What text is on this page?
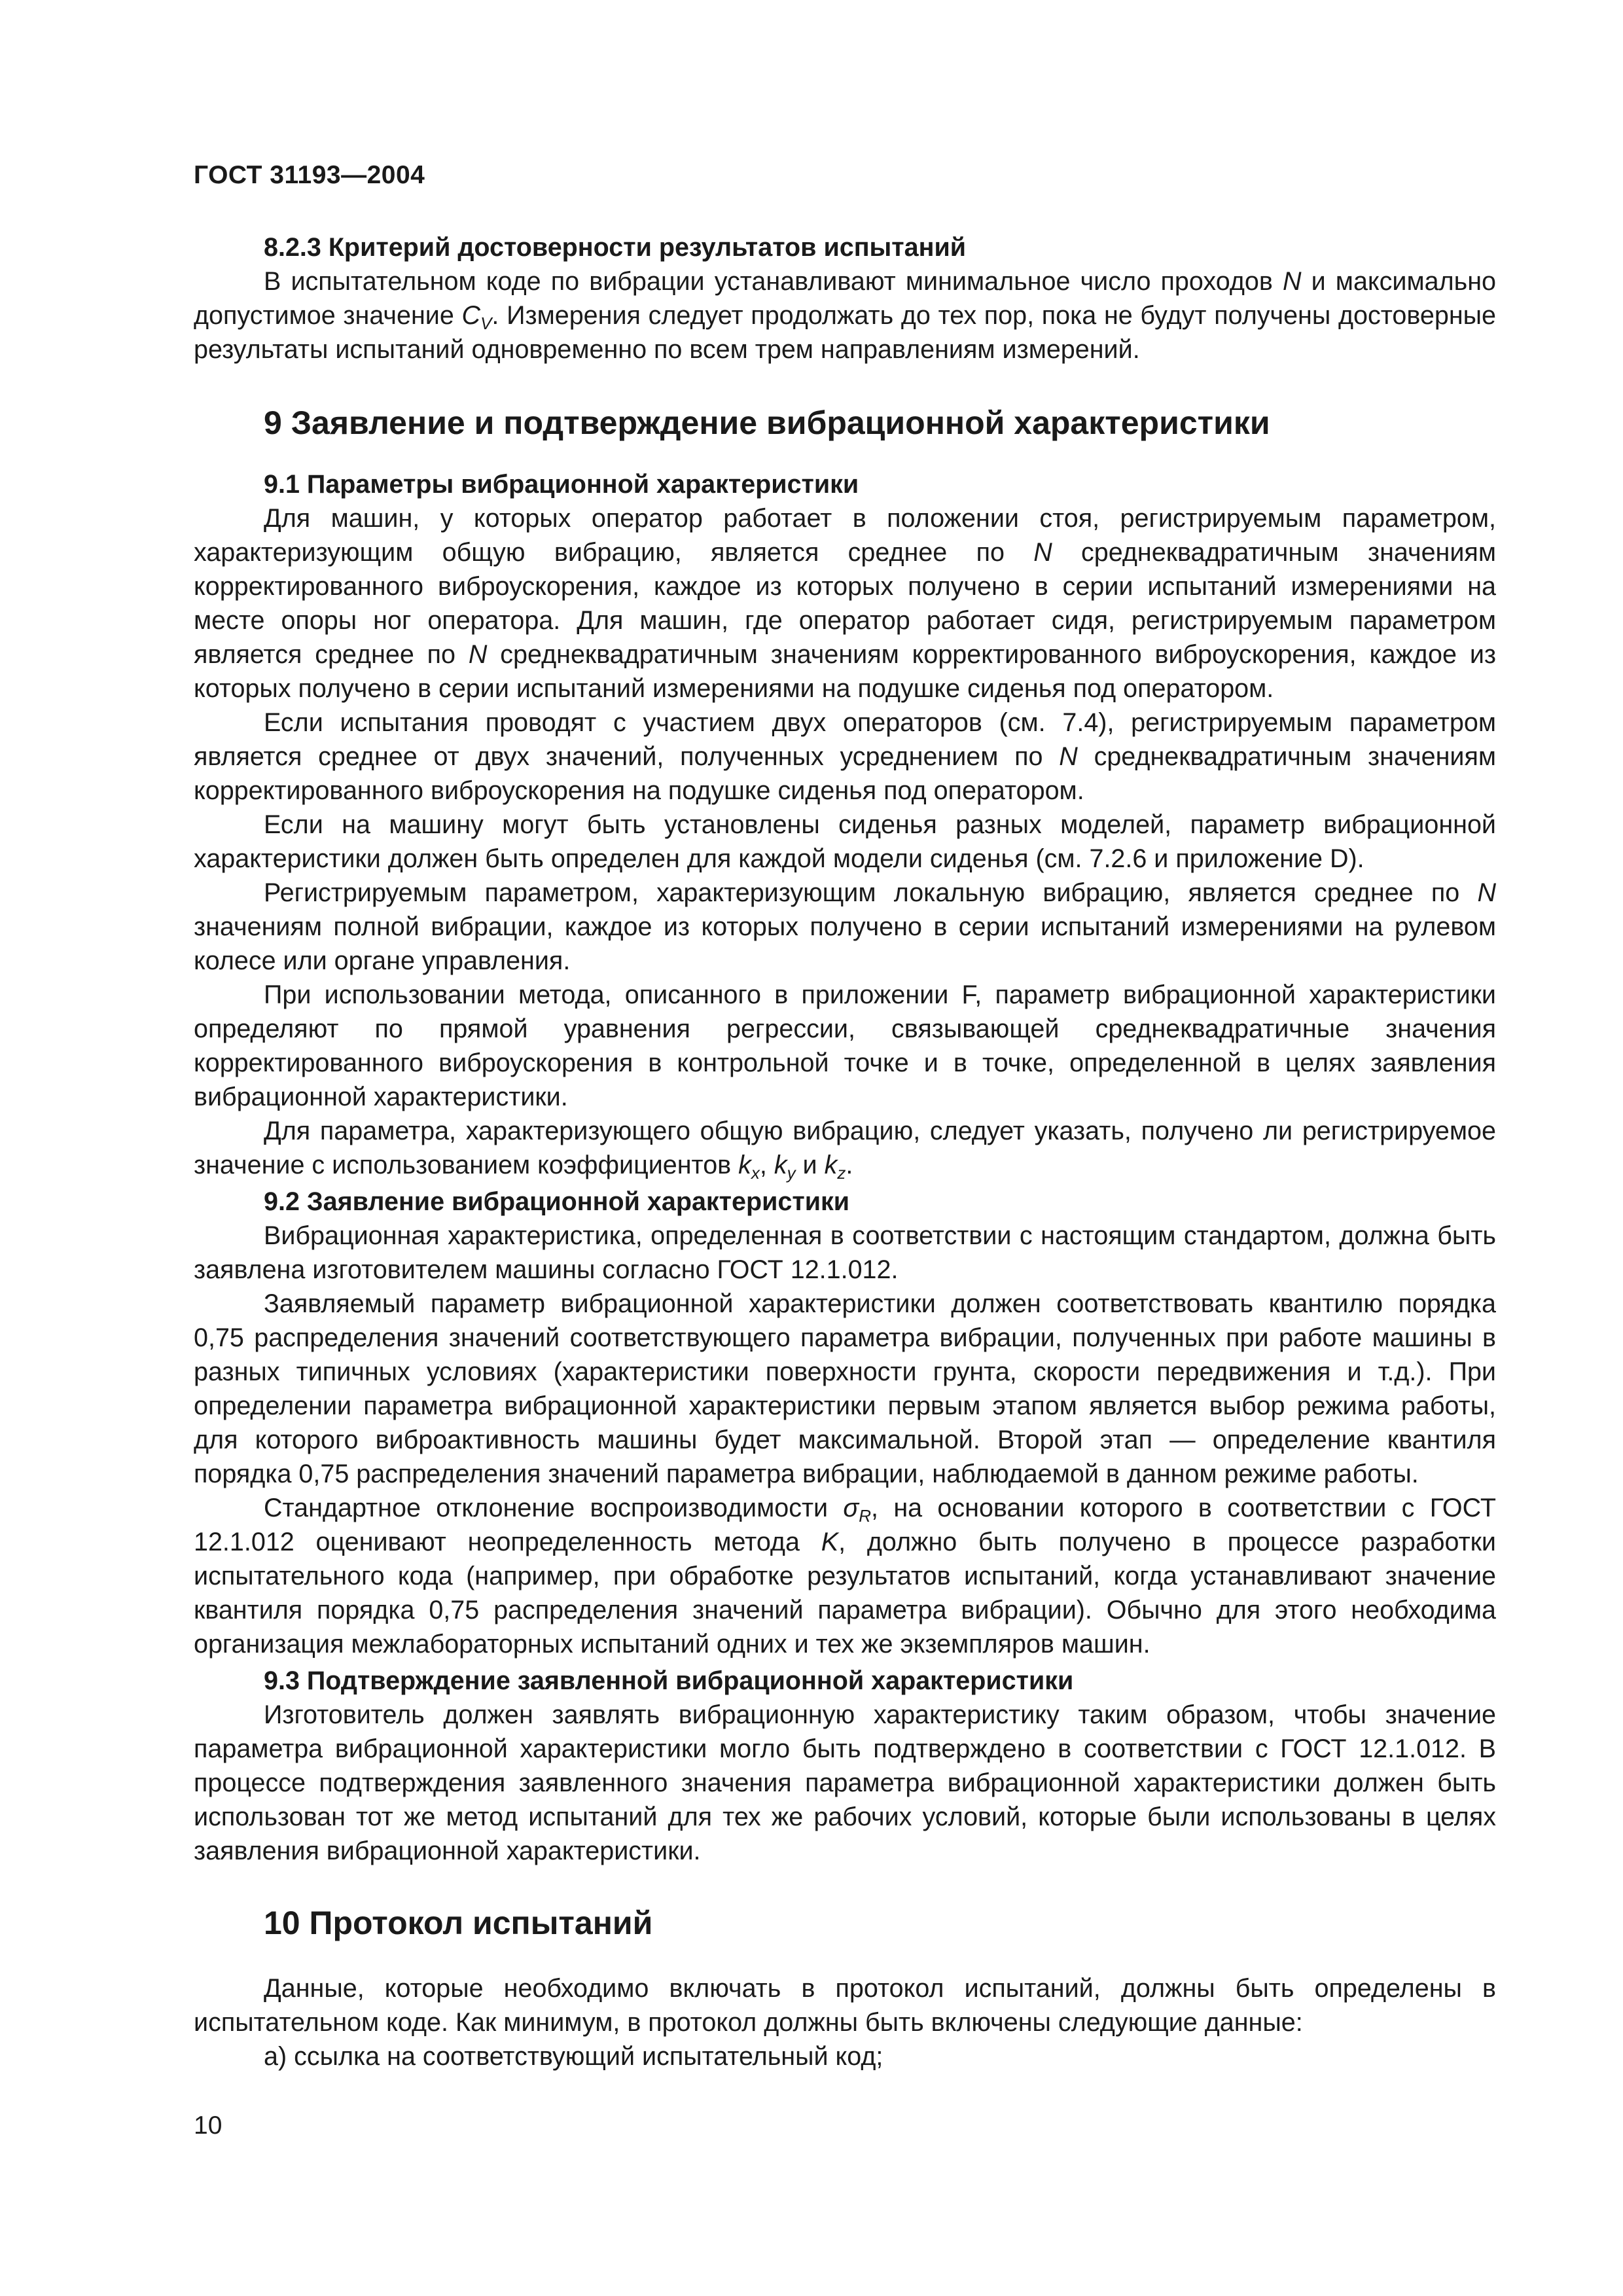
ГОСТ 31193—2004
8.2.3 Критерий достоверности результатов испытаний

В испытательном коде по вибрации устанавливают минимальное число проходов N и максимально допустимое значение $C_V$. Измерения следует продолжать до тех пор, пока не будут получены достоверные результаты испытаний одновременно по всем трем направлениям измерений.

9 Заявление и подтверждение вибрационной характеристики
9.1 Параметры вибрационной характеристики

Для машин, у которых оператор работает в положении стоя, регистрируемым параметром, характеризующим общую вибрацию, является среднее по N среднеквадратичным значениям корректированного виброускорения, каждое из которых получено в серии испытаний измерениями на месте опоры ног оператора. Для машин, где оператор работает сидя, регистрируемым параметром является среднее по N среднеквадратичным значениям корректированного виброускорения, каждое из которых получено в серии испытаний измерениями на подушке сиденья под оператором.

Если испытания проводят с участием двух операторов (см. 7.4), регистрируемым параметром является среднее от двух значений, полученных усреднением по N среднеквадратичным значениям корректированного виброускорения на подушке сиденья под оператором.

Если на машину могут быть установлены сиденья разных моделей, параметр вибрационной характеристики должен быть определен для каждой модели сиденья (см. 7.2.6 и приложение D).

Регистрируемым параметром, характеризующим локальную вибрацию, является среднее по N значениям полной вибрации, каждое из которых получено в серии испытаний измерениями на рулевом колесе или органе управления.

При использовании метода, описанного в приложении F, параметр вибрационной характеристики определяют по прямой уравнения регрессии, связывающей среднеквадратичные значения корректированного виброускорения в контрольной точке и в точке, определенной в целях заявления вибрационной характеристики.

Для параметра, характеризующего общую вибрацию, следует указать, получено ли регистрируемое значение с использованием коэффициентов $k_x$, $k_y$ и $k_z$.

9.2 Заявление вибрационной характеристики

Вибрационная характеристика, определенная в соответствии с настоящим стандартом, должна быть заявлена изготовителем машины согласно ГОСТ 12.1.012.

Заявляемый параметр вибрационной характеристики должен соответствовать квантилю порядка 0,75 распределения значений соответствующего параметра вибрации, полученных при работе машины в разных типичных условиях (характеристики поверхности грунта, скорости передвижения и т.д.). При определении параметра вибрационной характеристики первым этапом является выбор режима работы, для которого виброактивность машины будет максимальной. Второй этап — определение квантиля порядка 0,75 распределения значений параметра вибрации, наблюдаемой в данном режиме работы.

Стандартное отклонение воспроизводимости $\sigma_R$, на основании которого в соответствии с ГОСТ 12.1.012 оценивают неопределенность метода K, должно быть получено в процессе разработки испытательного кода (например, при обработке результатов испытаний, когда устанавливают значение квантиля порядка 0,75 распределения значений параметра вибрации). Обычно для этого необходима организация межлабораторных испытаний одних и тех же экземпляров машин.

9.3 Подтверждение заявленной вибрационной характеристики

Изготовитель должен заявлять вибрационную характеристику таким образом, чтобы значение параметра вибрационной характеристики могло быть подтверждено в соответствии с ГОСТ 12.1.012. В процессе подтверждения заявленного значения параметра вибрационной характеристики должен быть использован тот же метод испытаний для тех же рабочих условий, которые были использованы в целях заявления вибрационной характеристики.

10 Протокол испытаний

Данные, которые необходимо включать в протокол испытаний, должны быть определены в испытательном коде. Как минимум, в протокол должны быть включены следующие данные:

а) ссылка на соответствующий испытательный код;

10
